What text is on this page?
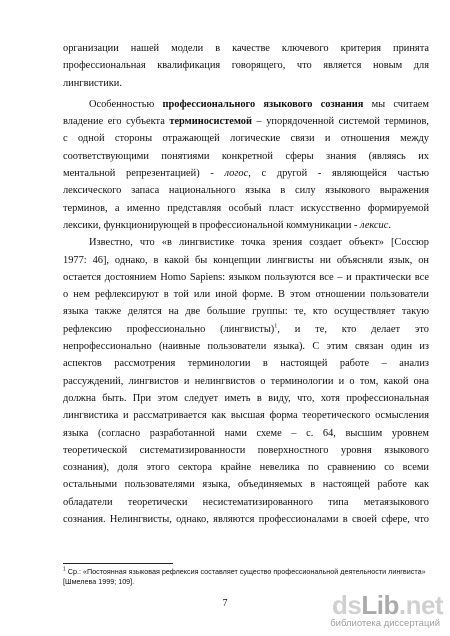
организации нашей модели в качестве ключевого критерия принята
профессиональная квалификация говорящего, что является новым для
лингвистики.
Особенностью профессионального языкового сознания мы считаем
владение его субъекта терминосистемой – упорядоченной системой терминов,
с одной стороны отражающей логические связи и отношения между
соответствующими понятиями конкретной сферы знания (являясь их
ментальной репрезентацией) - логос, с другой - являющейся частью
лексического запаса национального языка в силу языкового выражения
терминов, а именно представляя особый пласт искусственно формируемой
лексики, функционирующей в профессиональной коммуникации - лексис.
Известно, что «в лингвистике точка зрения создает объект» [Соссюр
1977: 46], однако, в какой бы концепции лингвисты ни объясняли язык, он
остается достоянием Homo Sapiens: языком пользуются все – и практически все
о нем рефлексируют в той или иной форме. В этом отношении пользователи
языка также делятся на две большие группы: те, кто осуществляет такую
рефлексию профессионально (лингвисты)$^1$, и те, кто делает это
непрофессионально (наивные пользователи языка). С этим связан один из
аспектов рассмотрения терминологии в настоящей работе – анализ
рассуждений, лингвистов и нелингвистов о терминологии и о том, какой она
должна быть. При этом следует иметь в виду, что, хотя профессиональная
лингвистика и рассматривается как высшая форма теоретического осмысления
языка (согласно разработанной нами схеме – с. 64, высшим уровнем
теоретической систематизированности поверхностного уровня языкового
сознания), доля этого сектора крайне невелика по сравнению со всеми
остальными пользователями языка, объединяемых в настоящей работе как
обладатели теоретически несистематизированного типа метаязыкового
сознания. Нелингвисты, однако, являются профессионалами в своей сфере, что
$^1$ Ср.: «Постоянная языковая рефлексия составляет существо профессиональной деятельности лингвиста»
[Шмелева 1999; 109].
7	dsLib.net
библиотека диссертаций
